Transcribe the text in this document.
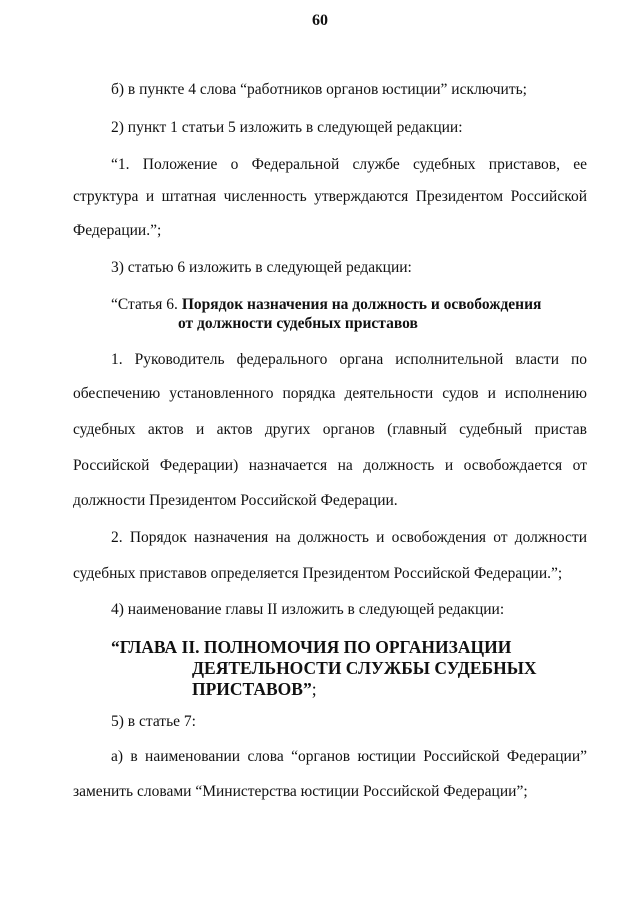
60
б) в пункте 4 слова “работников органов юстиции” исключить;
2) пункт 1 статьи 5 изложить в следующей редакции:
“1. Положение о Федеральной службе судебных приставов, ее
структура и штатная численность утверждаются Президентом Российской
Федерации.”;
3) статью 6 изложить в следующей редакции:
“Статья 6. Порядок назначения на должность и освобождения
от должности судебных приставов
1. Руководитель федерального органа исполнительной власти по
обеспечению установленного порядка деятельности судов и исполнению
судебных актов и актов других органов (главный судебный пристав
Российской Федерации) назначается на должность и освобождается от
должности Президентом Российской Федерации.
2. Порядок назначения на должность и освобождения от должности
судебных приставов определяется Президентом Российской Федерации.”;
4) наименование главы II изложить в следующей редакции:
“ГЛАВА II. ПОЛНОМОЧИЯ ПО ОРГАНИЗАЦИИ
ДЕЯТЕЛЬНОСТИ СЛУЖБЫ СУДЕБНЫХ
ПРИСТАВОВ”;
5) в статье 7:
а) в наименовании слова “органов юстиции Российской Федерации”
заменить словами “Министерства юстиции Российской Федерации”;
